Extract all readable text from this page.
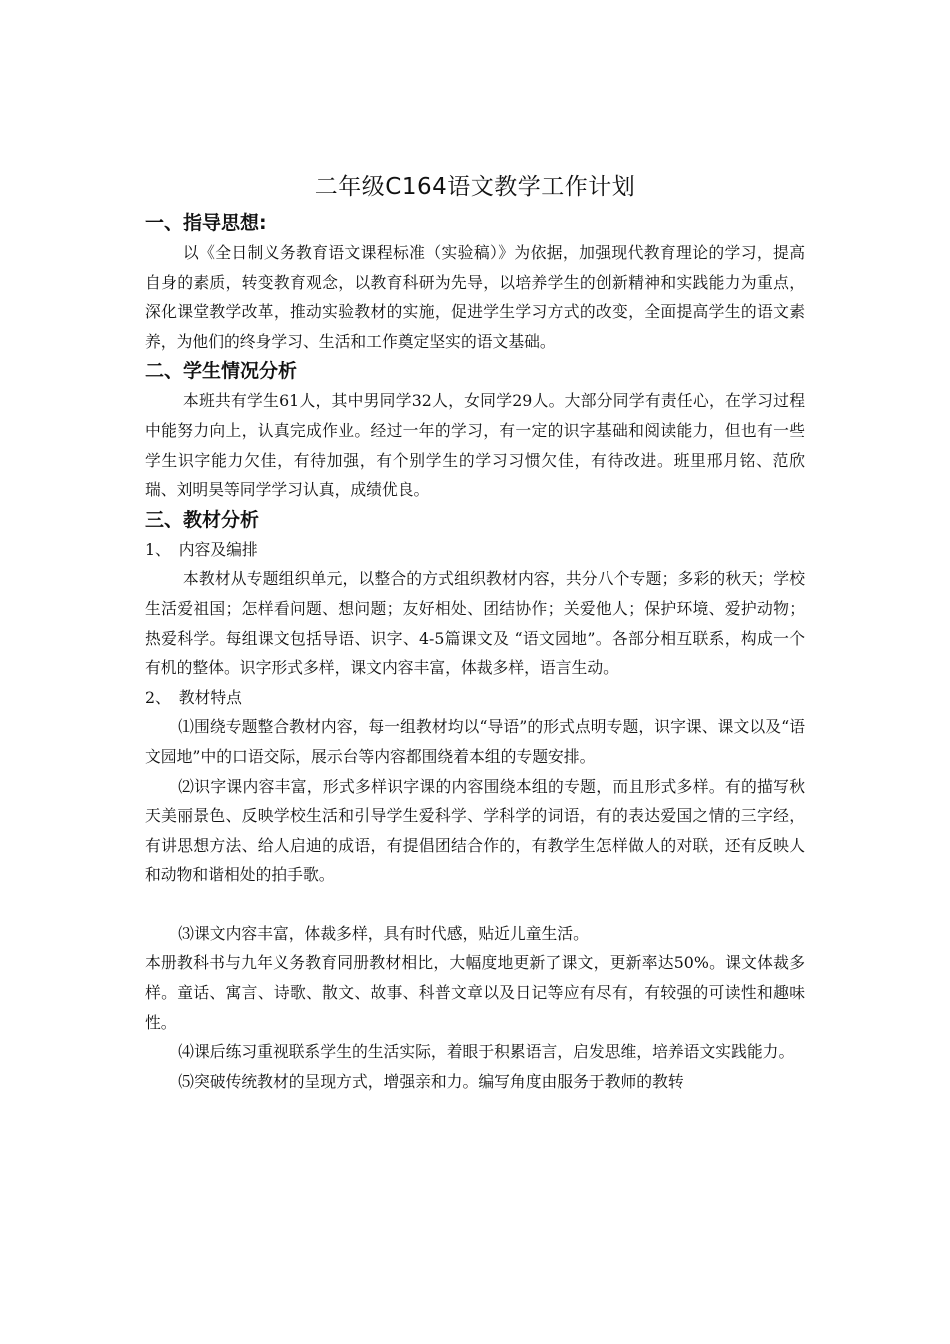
二年级C164语文教学工作计划
一、指导思想:
以《全日制义务教育语文课程标准（实验稿）》为依据，加强现代教育理论的学习，提高自身的素质，转变教育观念，以教育科研为先导，以培养学生的创新精神和实践能力为重点，深化课堂教学改革，推动实验教材的实施，促进学生学习方式的改变，全面提高学生的语文素养，为他们的终身学习、生活和工作奠定坚实的语文基础。
二、学生情况分析
本班共有学生61人，其中男同学32人，女同学29人。大部分同学有责任心，在学习过程中能努力向上，认真完成作业。经过一年的学习，有一定的识字基础和阅读能力，但也有一些学生识字能力欠佳，有待加强，有个别学生的学习习惯欠佳，有待改进。班里邢月铭、范欣瑞、刘明昊等同学学习认真，成绩优良。
三、教材分析
1、　内容及编排
本教材从专题组织单元，以整合的方式组织教材内容，共分八个专题；多彩的秋天；学校生活爱祖国；怎样看问题、想问题；友好相处、团结协作；关爱他人；保护环境、爱护动物；热爱科学。每组课文包括导语、识字、4-5篇课文及 “语文园地”。各部分相互联系，构成一个有机的整体。识字形式多样，课文内容丰富，体裁多样，语言生动。
2、　教材特点
⑴围绕专题整合教材内容，每一组教材均以“导语”的形式点明专题，识字课、课文以及“语文园地”中的口语交际，展示台等内容都围绕着本组的专题安排。
⑵识字课内容丰富，形式多样识字课的内容围绕本组的专题，而且形式多样。有的描写秋天美丽景色、反映学校生活和引导学生爱科学、学科学的词语，有的表达爱国之情的三字经，有讲思想方法、给人启迪的成语，有提倡团结合作的，有教学生怎样做人的对联，还有反映人和动物和谐相处的拍手歌。
⑶课文内容丰富，体裁多样，具有时代感，贴近儿童生活。
本册教科书与九年义务教育同册教材相比，大幅度地更新了课文，更新率达50%。课文体裁多样。童话、寓言、诗歌、散文、故事、科普文章以及日记等应有尽有，有较强的可读性和趣味性。
⑷课后练习重视联系学生的生活实际，着眼于积累语言，启发思维，培养语文实践能力。
⑸突破传统教材的呈现方式，增强亲和力。编写角度由服务于教师的教转
